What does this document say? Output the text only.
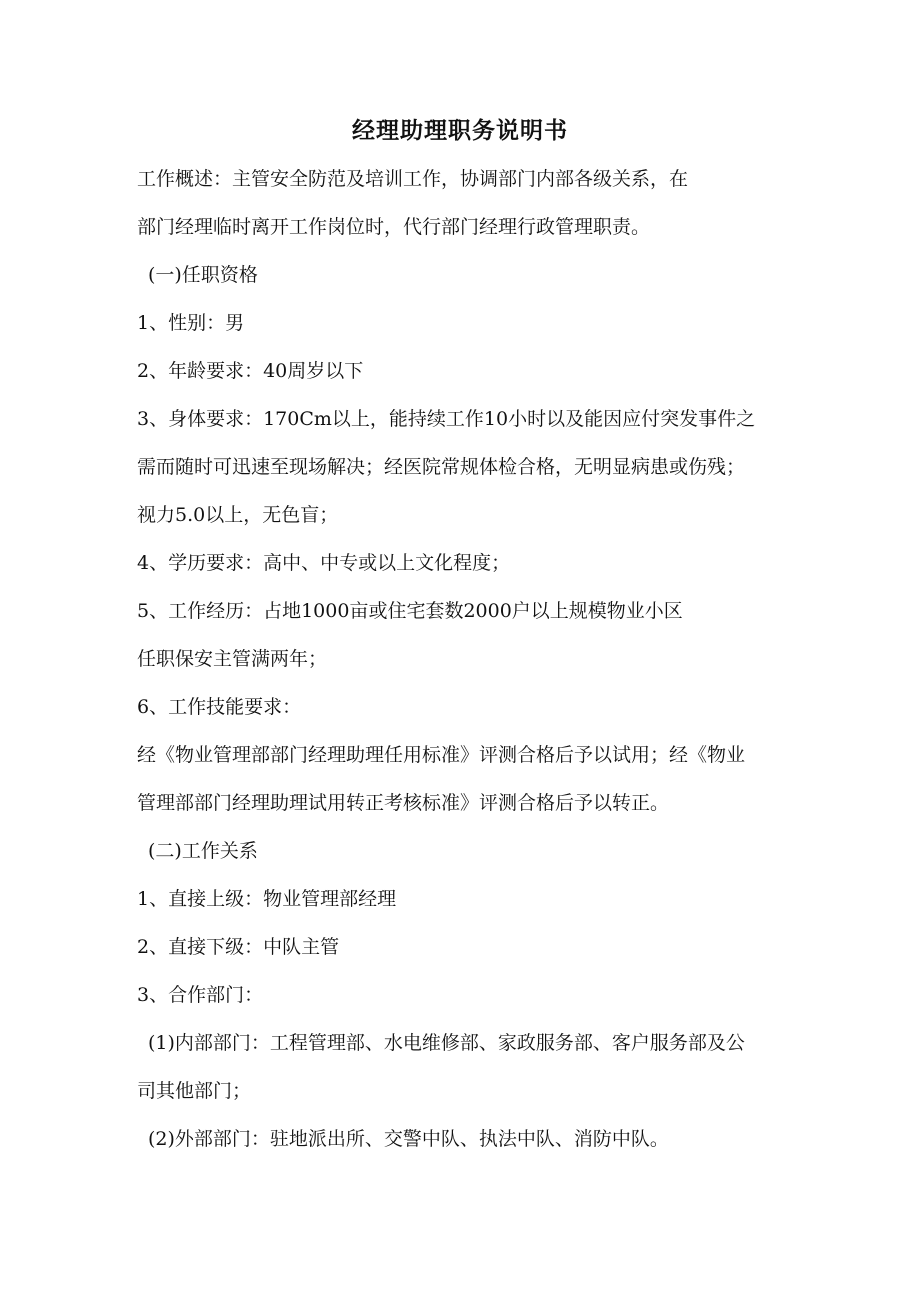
经理助理职务说明书
工作概述：主管安全防范及培训工作，协调部门内部各级关系，在
部门经理临时离开工作岗位时，代行部门经理行政管理职责。
(一)任职资格
1、性别：男
2、年龄要求：40周岁以下
3、身体要求：170Cm以上，能持续工作10小时以及能因应付突发事件之
需而随时可迅速至现场解决；经医院常规体检合格，无明显病患或伤残；
视力5.0以上，无色盲；
4、学历要求：高中、中专或以上文化程度；
5、工作经历：占地1000亩或住宅套数2000户以上规模物业小区
任职保安主管满两年；
6、工作技能要求：
经《物业管理部部门经理助理任用标准》评测合格后予以试用；经《物业
管理部部门经理助理试用转正考核标准》评测合格后予以转正。
(二)工作关系
1、直接上级：物业管理部经理
2、直接下级：中队主管
3、合作部门：
(1)内部部门：工程管理部、水电维修部、家政服务部、客户服务部及公
司其他部门；
(2)外部部门：驻地派出所、交警中队、执法中队、消防中队。
